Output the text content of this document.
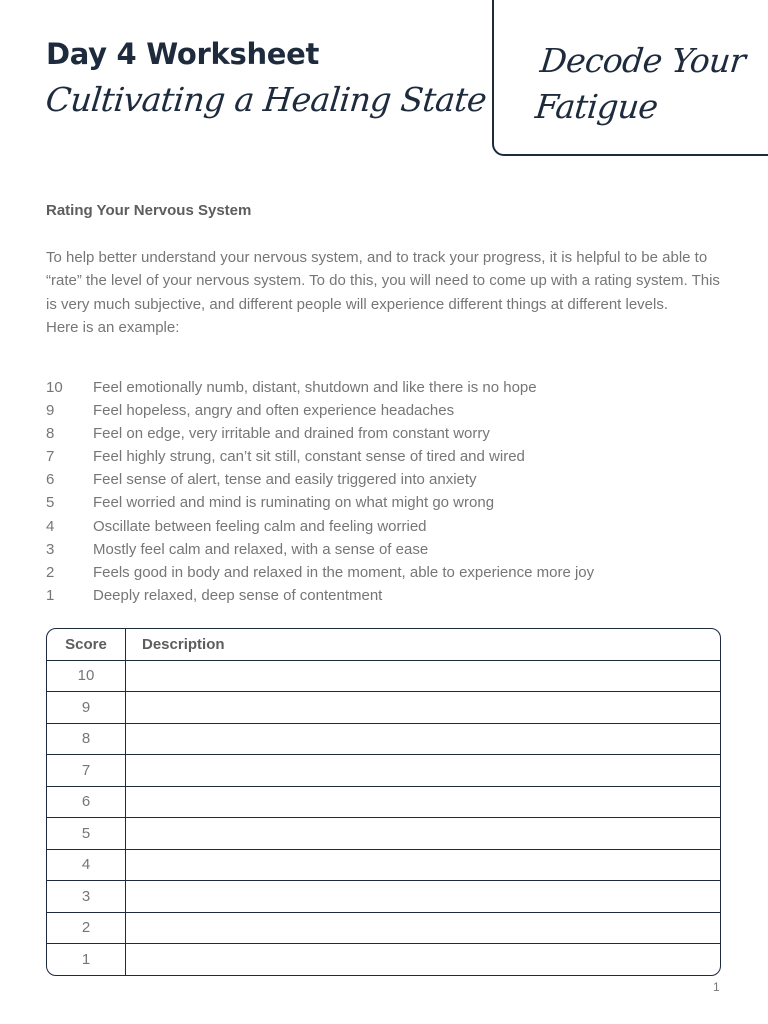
Day 4 Worksheet
Cultivating a Healing State
Decode Your
Fatigue
Rating Your Nervous System

To help better understand your nervous system, and to track your progress, it is helpful to be able to “rate” the level of your nervous system. To do this, you will need to come up with a rating system. This is very much subjective, and different people will experience different things at different levels.

Here is an example:

10	Feel emotionally numb, distant, shutdown and like there is no hope
9	Feel hopeless, angry and often experience headaches
8	Feel on edge, very irritable and drained from constant worry
7	Feel highly strung, can’t sit still, constant sense of tired and wired
6	Feel sense of alert, tense and easily triggered into anxiety
5	Feel worried and mind is ruminating on what might go wrong
4	Oscillate between feeling calm and feeling worried
3	Mostly feel calm and relaxed, with a sense of ease
2	Feels good in body and relaxed in the moment, able to experience more joy
1	Deeply relaxed, deep sense of contentment
Score	Description
10	
9	
8	
7	
6	
5	
4	
3	
2	
1	
1
